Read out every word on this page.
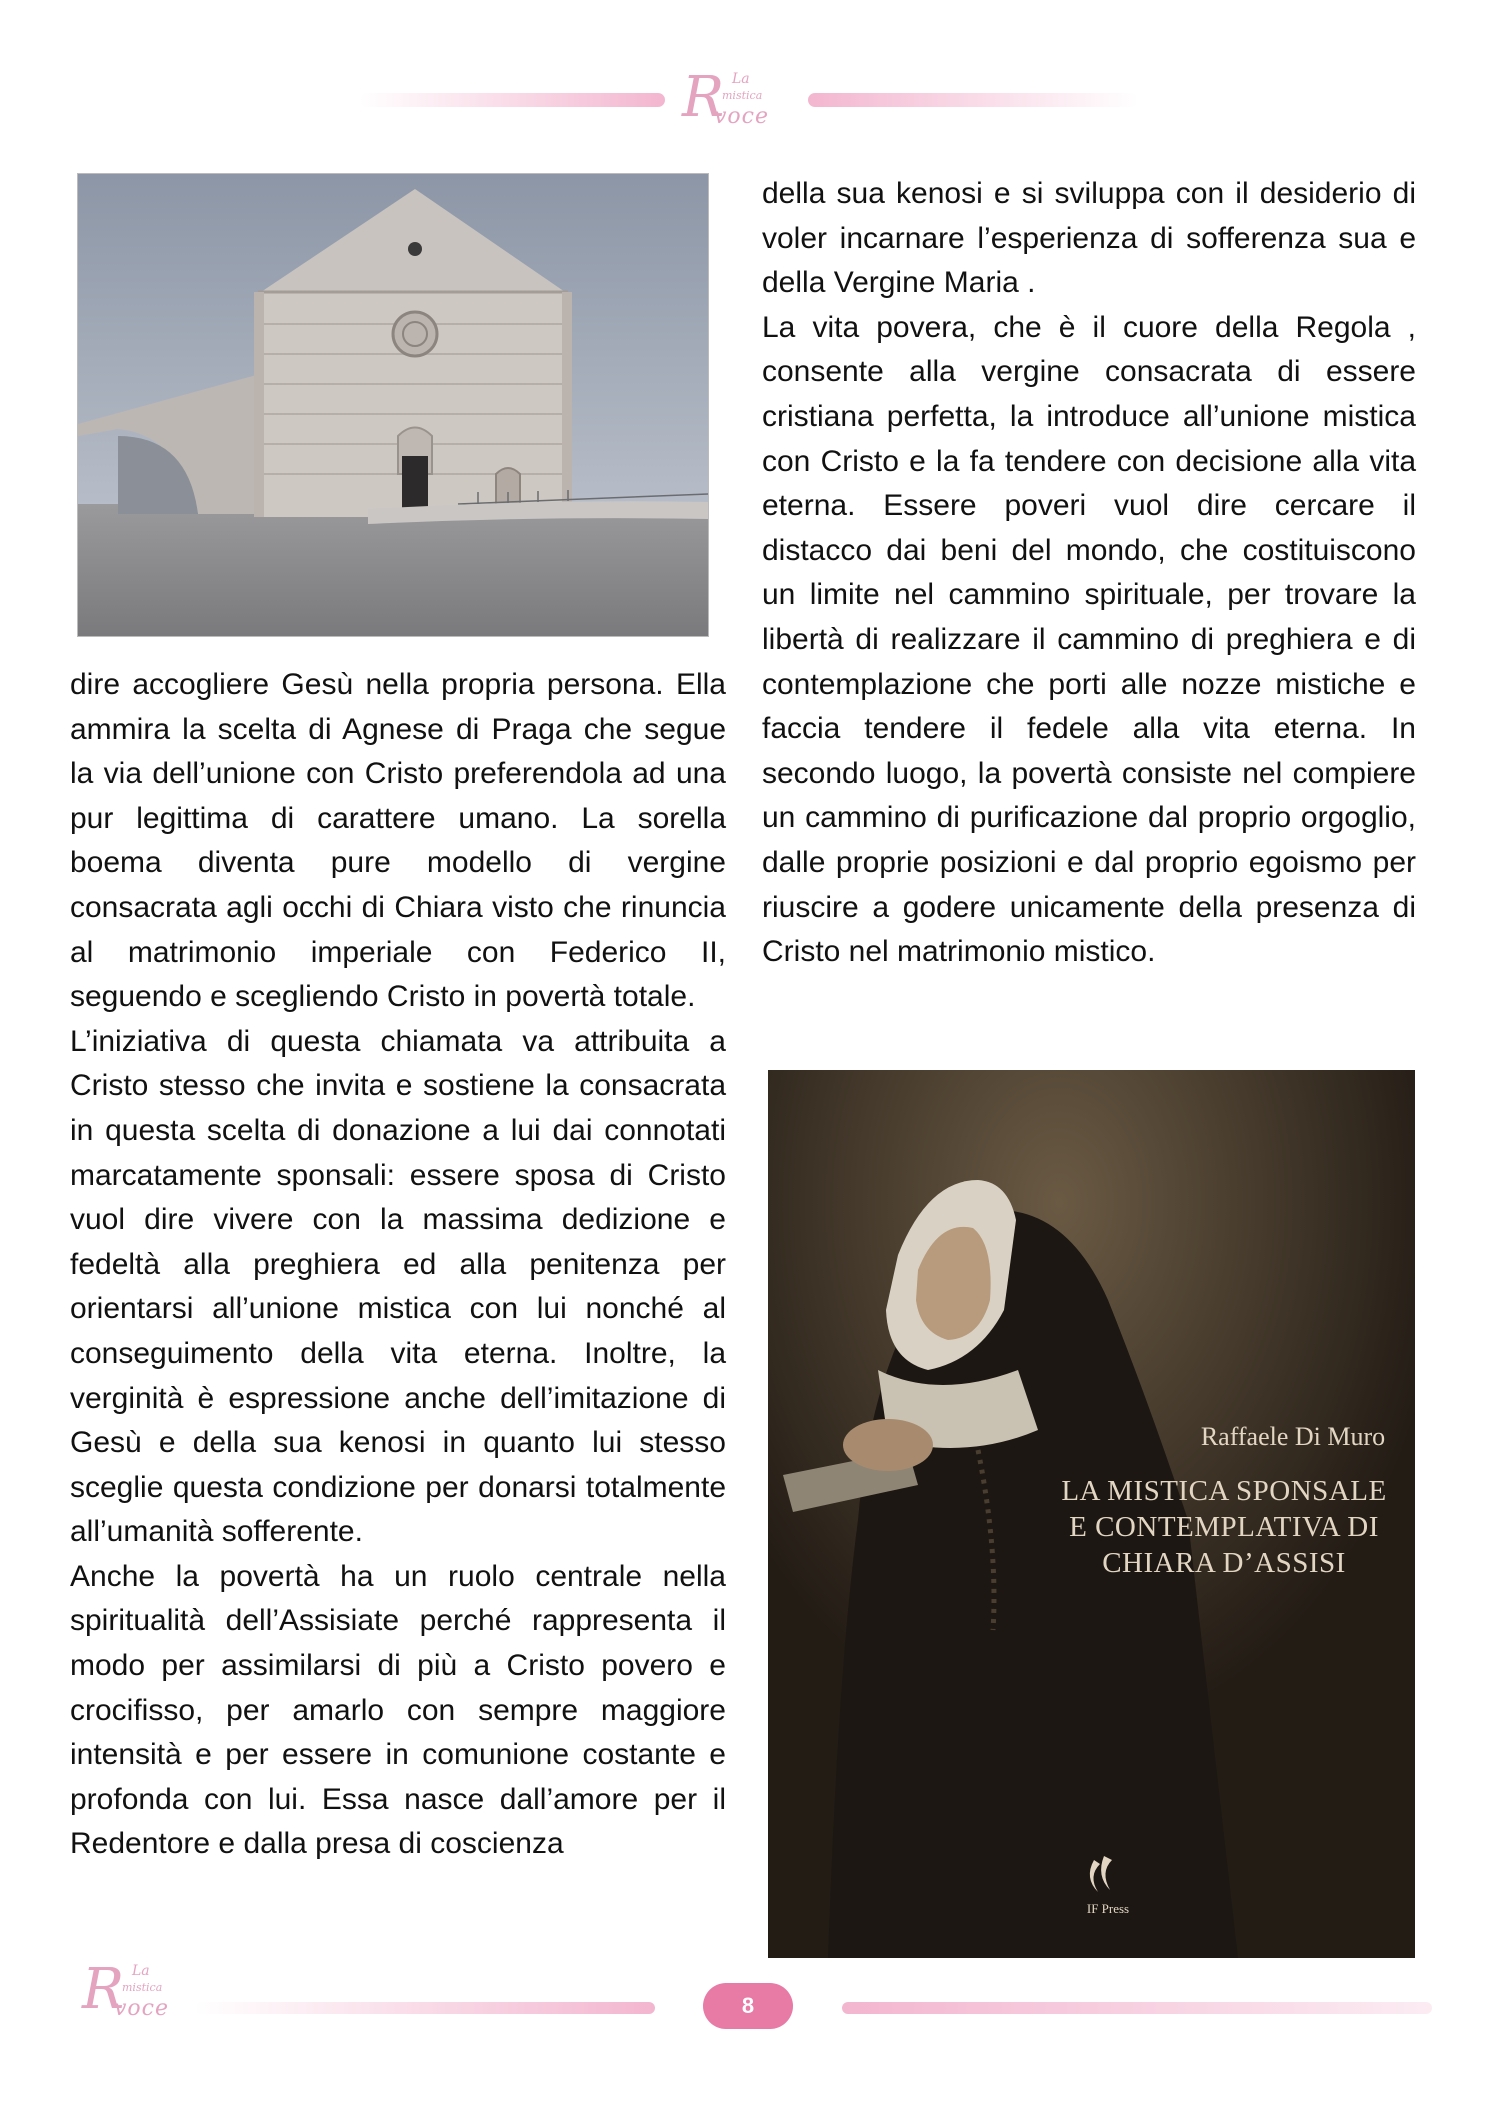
R La
mistica
voce

dire accogliere Gesù nella propria persona. Ella ammira la scelta di Agnese di Praga che segue la via dell’unione con Cristo preferendola ad una pur legittima di carattere umano. La sorella boema diventa pure modello di vergine consacrata agli occhi di Chiara visto che rinuncia al matrimonio imperiale con Federico II, seguendo e scegliendo Cristo in povertà totale.

L’iniziativa di questa chiamata va attribuita a Cristo stesso che invita e sostiene la consacrata in questa scelta di donazione a lui dai connotati marcatamente sponsali: essere sposa di Cristo vuol dire vivere con la massima dedizione e fedeltà alla preghiera ed alla penitenza per orientarsi all’unione mistica con lui nonché al conseguimento della vita eterna. Inoltre, la verginità è espressione anche dell’imitazione di Gesù e della sua kenosi in quanto lui stesso sceglie questa condizione per donarsi totalmente all’umanità sofferente.

Anche la povertà ha un ruolo centrale nella spiritualità dell’Assisiate perché rappresenta il modo per assimilarsi di più a Cristo povero e crocifisso, per amarlo con sempre maggiore intensità e per essere in comunione costante e profonda con lui. Essa nasce dall’amore per il Redentore e dalla presa di coscienza

della sua kenosi e si sviluppa con il desiderio di voler incarnare l’esperienza di sofferenza sua e della Vergine Maria .

La vita povera, che è il cuore della Regola , consente alla vergine consacrata di essere cristiana perfetta, la introduce all’unione mistica con Cristo e la fa tendere con decisione alla vita eterna. Essere poveri vuol dire cercare il distacco dai beni del mondo, che costituiscono un limite nel cammino spirituale, per trovare la libertà di realizzare il cammino di preghiera e di contemplazione che porti alle nozze mistiche e faccia tendere il fedele alla vita eterna. In secondo luogo, la povertà consiste nel compiere un cammino di purificazione dal proprio orgoglio, dalle proprie posizioni e dal proprio egoismo per riuscire a godere unicamente della presenza di Cristo nel matrimonio mistico.

Raffaele Di Muro
LA MISTICA SPONSALE
E CONTEMPLATIVA DI
CHIARA D’ASSISI
IF Press
R La
mistica
voce	8
